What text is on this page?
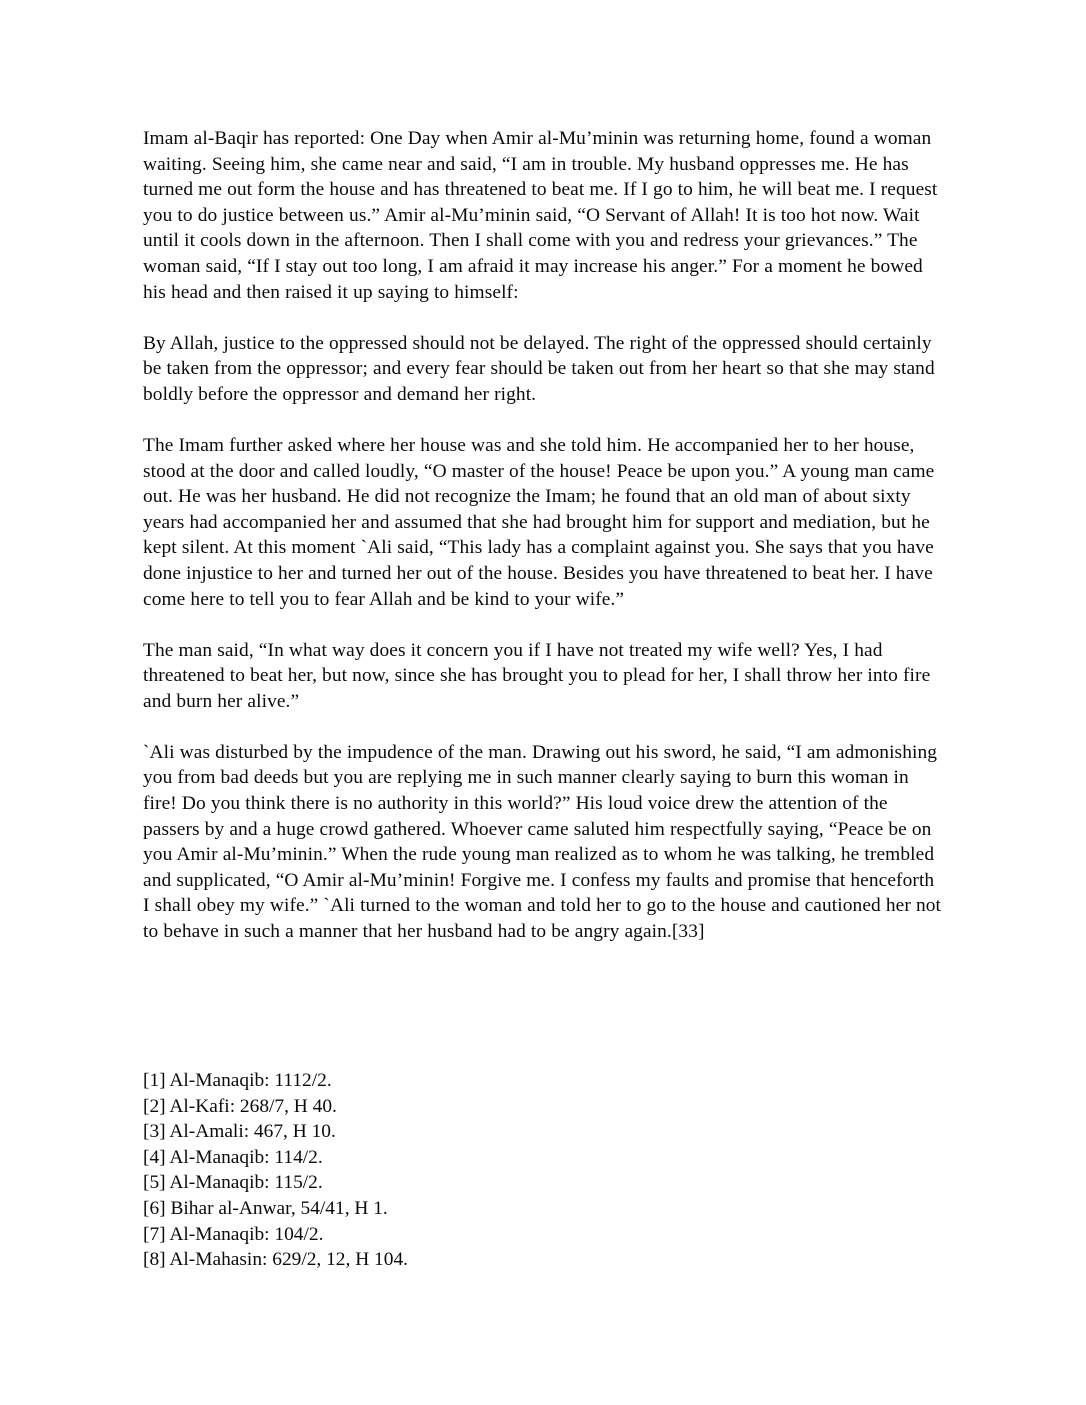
Imam al-Baqir has reported: One Day when Amir al-Mu’minin was returning home, found a woman waiting. Seeing him, she came near and said, “I am in trouble. My husband oppresses me. He has turned me out form the house and has threatened to beat me. If I go to him, he will beat me. I request you to do justice between us.” Amir al-Mu’minin said, “O Servant of Allah! It is too hot now. Wait until it cools down in the afternoon. Then I shall come with you and redress your grievances.” The woman said, “If I stay out too long, I am afraid it may increase his anger.” For a moment he bowed his head and then raised it up saying to himself:

By Allah, justice to the oppressed should not be delayed. The right of the oppressed should certainly be taken from the oppressor; and every fear should be taken out from her heart so that she may stand boldly before the oppressor and demand her right.

The Imam further asked where her house was and she told him. He accompanied her to her house, stood at the door and called loudly, “O master of the house! Peace be upon you.” A young man came out. He was her husband. He did not recognize the Imam; he found that an old man of about sixty years had accompanied her and assumed that she had brought him for support and mediation, but he kept silent. At this moment `Ali said, “This lady has a complaint against you. She says that you have done injustice to her and turned her out of the house. Besides you have threatened to beat her. I have come here to tell you to fear Allah and be kind to your wife.”

The man said, “In what way does it concern you if I have not treated my wife well? Yes, I had threatened to beat her, but now, since she has brought you to plead for her, I shall throw her into fire and burn her alive.”

`Ali was disturbed by the impudence of the man. Drawing out his sword, he said, “I am admonishing you from bad deeds but you are replying me in such manner clearly saying to burn this woman in fire! Do you think there is no authority in this world?” His loud voice drew the attention of the passers by and a huge crowd gathered. Whoever came saluted him respectfully saying, “Peace be on you Amir al-Mu’minin.” When the rude young man realized as to whom he was talking, he trembled and supplicated, “O Amir al-Mu’minin! Forgive me. I confess my faults and promise that henceforth I shall obey my wife.” `Ali turned to the woman and told her to go to the house and cautioned her not to behave in such a manner that her husband had to be angry again.[33]

[1] Al-Manaqib: 1112/2.
[2] Al-Kafi: 268/7, H 40.
[3] Al-Amali: 467, H 10.
[4] Al-Manaqib: 114/2.
[5] Al-Manaqib: 115/2.
[6] Bihar al-Anwar, 54/41, H 1.
[7] Al-Manaqib: 104/2.
[8] Al-Mahasin: 629/2, 12, H 104.
